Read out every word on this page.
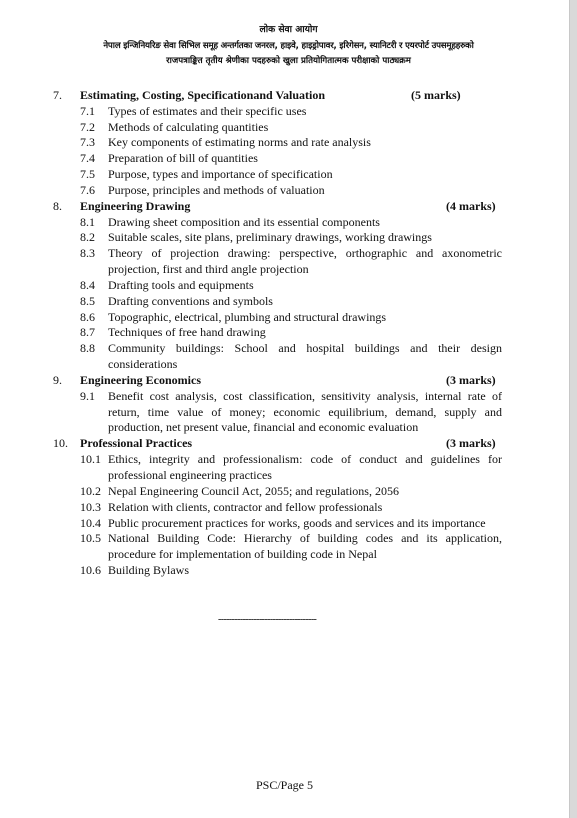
लोक सेवा आयोग
नेपाल इन्जिनियरिङ सेवा सिभिल समूह अन्तर्गतका जनरल, हाइवे, हाइड्रोपावर, इरिगेसन, स्यानिटरी र एयरपोर्ट उपसमूहहरुको
राजपत्राङ्कित तृतीय श्रेणीका पदहरुको खुला प्रतियोगितात्मक परीक्षाको पाठ्यक्रम
7. Estimating, Costing, Specificationand Valuation	(5 marks)
7.1 Types of estimates and their specific uses
7.2 Methods of calculating quantities
7.3 Key components of estimating norms and rate analysis
7.4 Preparation of bill of quantities
7.5 Purpose, types and importance of specification
7.6 Purpose, principles and methods of valuation
8. Engineering Drawing	(4 marks)
8.1 Drawing sheet composition and its essential components
8.2 Suitable scales, site plans, preliminary drawings, working drawings
8.3 Theory of projection drawing: perspective, orthographic and axonometric projection, first and third angle projection
8.4 Drafting tools and equipments
8.5 Drafting conventions and symbols
8.6 Topographic, electrical, plumbing and structural drawings
8.7 Techniques of free hand drawing
8.8 Community buildings: School and hospital buildings and their design considerations
9. Engineering Economics	(3 marks)
9.1 Benefit cost analysis, cost classification, sensitivity analysis, internal rate of return, time value of money; economic equilibrium, demand, supply and production, net present value, financial and economic evaluation
10. Professional Practices	(3 marks)
10.1 Ethics, integrity and professionalism: code of conduct and guidelines for professional engineering practices
10.2 Nepal Engineering Council Act, 2055; and regulations, 2056
10.3 Relation with clients, contractor and fellow professionals
10.4 Public procurement practices for works, goods and services and its importance
10.5 National Building Code: Hierarchy of building codes and its application, procedure for implementation of building code in Nepal
10.6 Building Bylaws
------------------------------------
PSC/Page 5
